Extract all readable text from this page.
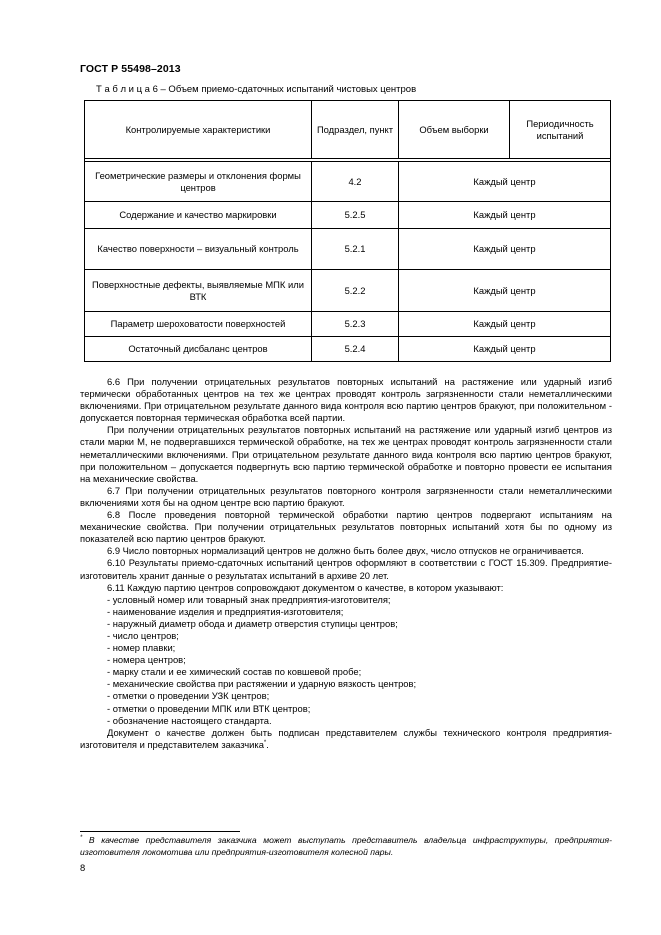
ГОСТ Р 55498–2013
Т а б л и ц а 6 – Объем приемо-сдаточных испытаний чистовых центров
Контролируемые характеристики	Подраздел, пункт	Объем выборки	Периодичность испытаний

Геометрические размеры и отклонения формы центров	4.2	Каждый центр	
Содержание и качество маркировки	5.2.5	Каждый центр	
Качество поверхности – визуальный контроль	5.2.1	Каждый центр	
Поверхностные дефекты, выявляемые МПК или ВТК	5.2.2	Каждый центр	
Параметр шероховатости поверхностей	5.2.3	Каждый центр	
Остаточный дисбаланс центров	5.2.4	Каждый центр	

6.6 При получении отрицательных результатов повторных испытаний на растяжение или ударный изгиб термически обработанных центров на тех же центрах проводят контроль загрязненности стали неметаллическими включениями. При отрицательном результате данного вида контроля всю партию центров бракуют, при положительном - допускается повторная термическая обработка всей партии.

При получении отрицательных результатов повторных испытаний на растяжение или ударный изгиб центров из стали марки М, не подвергавшихся термической обработке, на тех же центрах проводят контроль загрязненности стали неметаллическими включениями. При отрицательном результате данного вида контроля всю партию центров бракуют, при положительном – допускается подвергнуть всю партию термической обработке и повторно провести ее испытания на механические свойства.

6.7 При получении отрицательных результатов повторного контроля загрязненности стали неметаллическими включениями хотя бы на одном центре всю партию бракуют.

6.8 После проведения повторной термической обработки партию центров подвергают испытаниям на механические свойства. При получении отрицательных результатов повторных испытаний хотя бы по одному из показателей всю партию центров бракуют.

6.9 Число повторных нормализаций центров не должно быть более двух, число отпусков не ограничивается.

6.10 Результаты приемо-сдаточных испытаний центров оформляют в соответствии с ГОСТ 15.309. Предприятие-изготовитель хранит данные о результатах испытаний в архиве 20 лет.

6.11 Каждую партию центров сопровождают документом о качестве, в котором указывают:

- условный номер или товарный знак предприятия-изготовителя;

- наименование изделия и предприятия-изготовителя;

- наружный диаметр обода и диаметр отверстия ступицы центров;

- число центров;

- номер плавки;

- номера центров;

- марку стали и ее химический состав по ковшевой пробе;

- механические свойства при растяжении и ударную вязкость центров;

- отметки о проведении УЗК центров;

- отметки о проведении МПК или ВТК центров;

- обозначение настоящего стандарта.

Документ о качестве должен быть подписан представителем службы технического контроля предприятия-изготовителя и представителем заказчика*.

* В качестве представителя заказчика может выступать представитель владельца инфраструктуры, предприятия-изготовителя локомотива или предприятия-изготовителя колесной пары.
8
